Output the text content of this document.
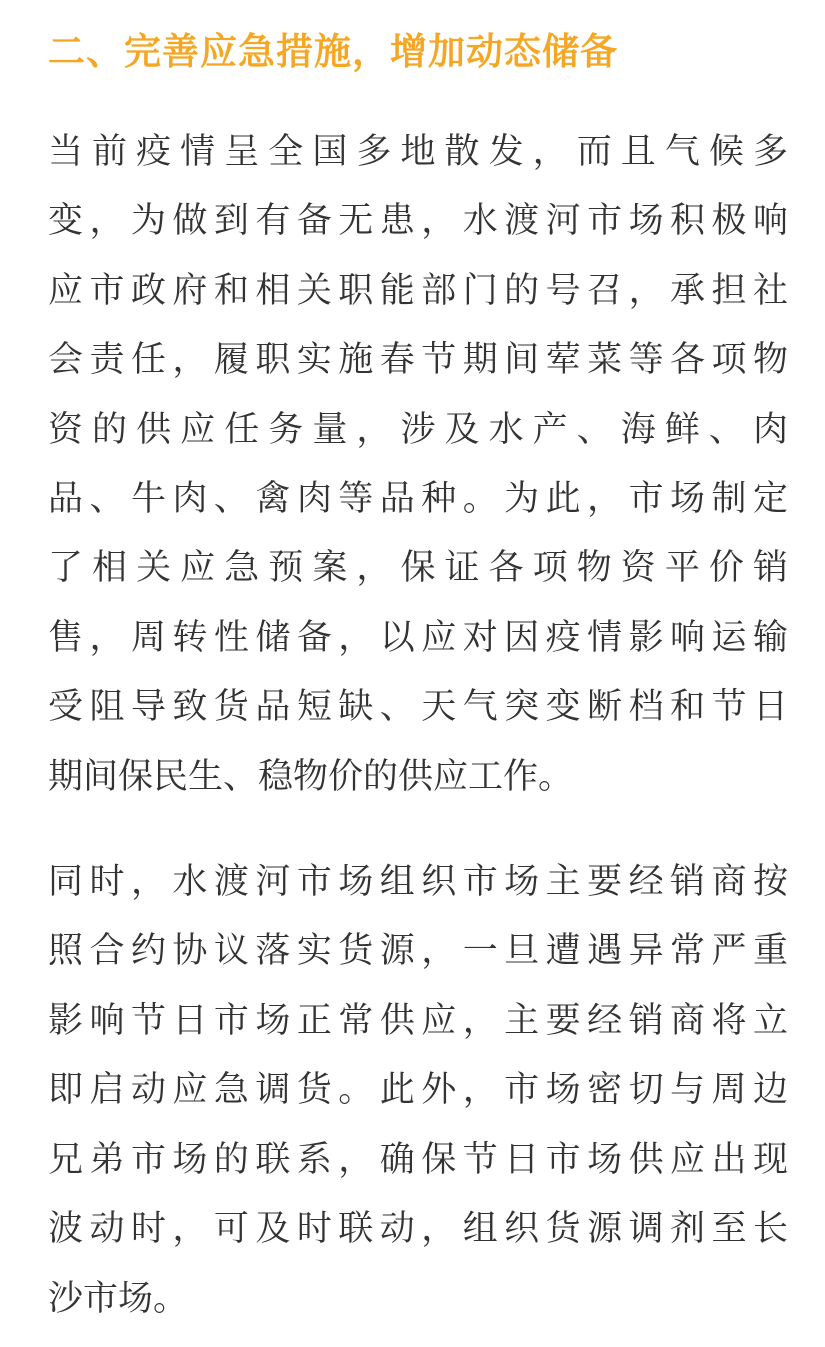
二、完善应急措施，增加动态储备

当前疫情呈全国多地散发，而且气候多
变，为做到有备无患，水渡河市场积极响
应市政府和相关职能部门的号召，承担社
会责任，履职实施春节期间荤菜等各项物
资的供应任务量，涉及水产、海鲜、肉
品、牛肉、禽肉等品种。为此，市场制定
了相关应急预案，保证各项物资平价销
售，周转性储备，以应对因疫情影响运输
受阻导致货品短缺、天气突变断档和节日
期间保民生、稳物价的供应工作。

同时，水渡河市场组织市场主要经销商按
照合约协议落实货源，一旦遭遇异常严重
影响节日市场正常供应，主要经销商将立
即启动应急调货。此外，市场密切与周边
兄弟市场的联系，确保节日市场供应出现
波动时，可及时联动，组织货源调剂至长
沙市场。
